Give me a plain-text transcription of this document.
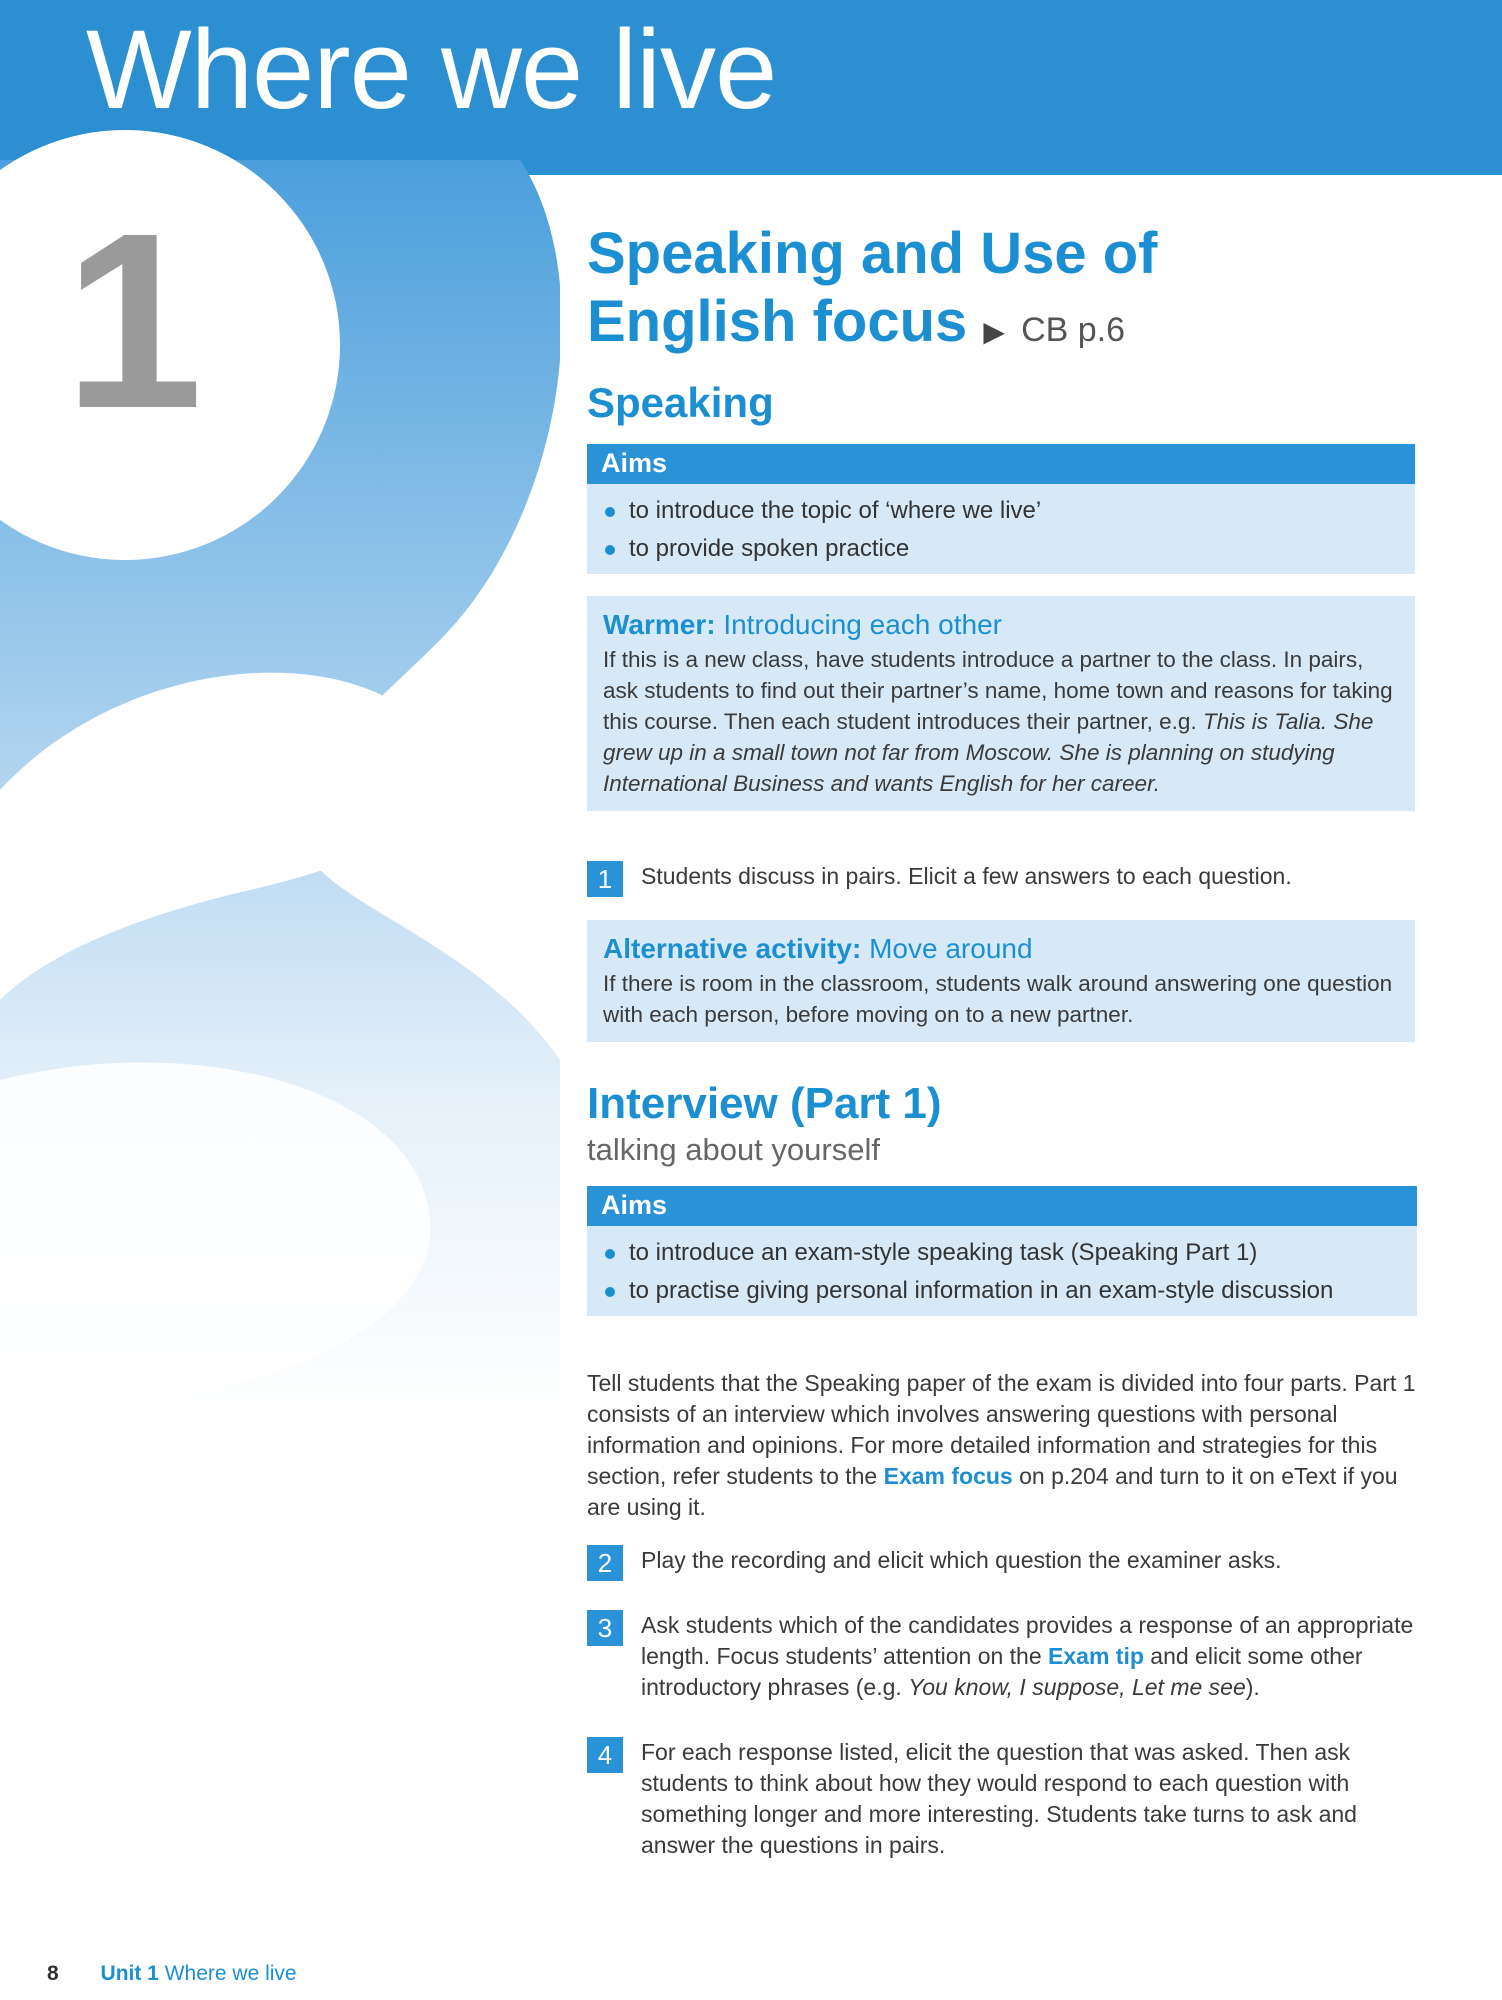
Where we live
1	Speaking and Use of
English focus ▶ CB p.6
Speaking
Aims
to introduce the topic of ‘where we live’
to provide spoken practice
Warmer: Introducing each other
If this is a new class, have students introduce a partner to the class. In pairs, ask students to find out their partner’s name, home town and reasons for taking this course. Then each student introduces their partner, e.g. This is Talia. She grew up in a small town not far from Moscow. She is planning on studying International Business and wants English for her career.
1	Students discuss in pairs. Elicit a few answers to each question.
Alternative activity: Move around
If there is room in the classroom, students walk around answering one question with each person, before moving on to a new partner.
Interview (Part 1)
talking about yourself
Aims
to introduce an exam-style speaking task (Speaking Part 1)
to practise giving personal information in an exam-style discussion
Tell students that the Speaking paper of the exam is divided into four parts. Part 1 consists of an interview which involves answering questions with personal information and opinions. For more detailed information and strategies for this section, refer students to the Exam focus on p.204 and turn to it on eText if you are using it.
2	Play the recording and elicit which question the examiner asks.
3	Ask students which of the candidates provides a response of an appropriate length. Focus students’ attention on the Exam tip and elicit some other introductory phrases (e.g. You know, I suppose, Let me see).
4	For each response listed, elicit the question that was asked. Then ask students to think about how they would respond to each question with something longer and more interesting. Students take turns to ask and answer the questions in pairs.
8 Unit 1 Where we live
